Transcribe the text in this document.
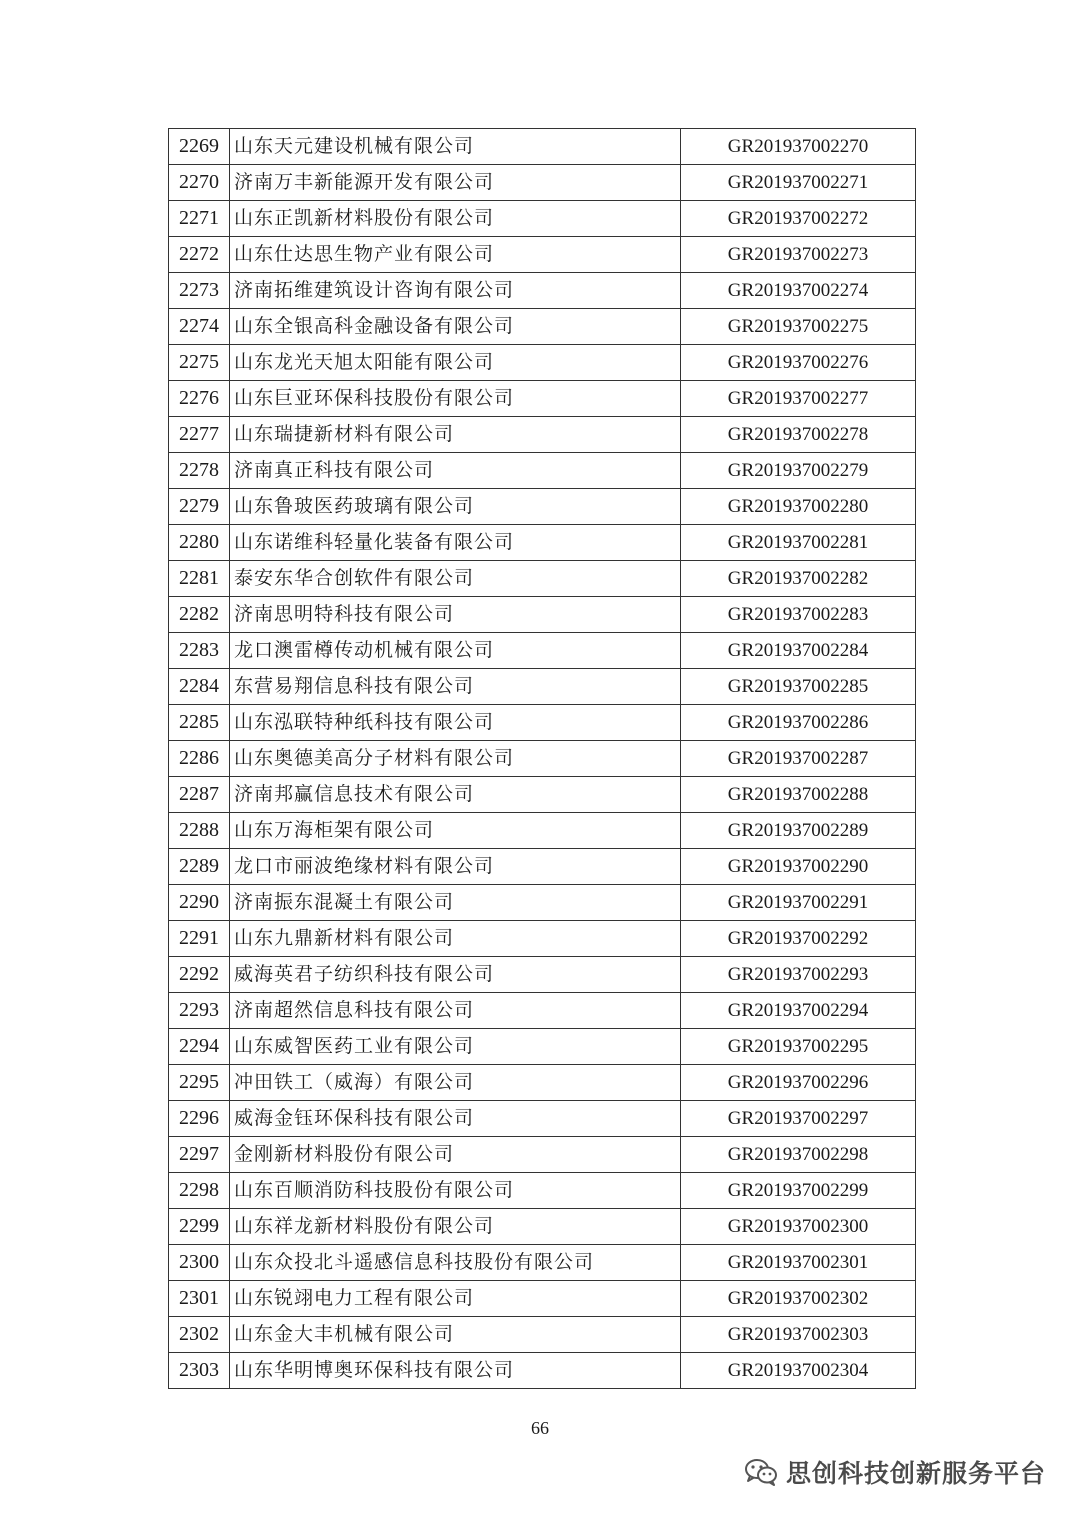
2269	山东天元建设机械有限公司	GR201937002270
2270	济南万丰新能源开发有限公司	GR201937002271
2271	山东正凯新材料股份有限公司	GR201937002272
2272	山东仕达思生物产业有限公司	GR201937002273
2273	济南拓维建筑设计咨询有限公司	GR201937002274
2274	山东全银高科金融设备有限公司	GR201937002275
2275	山东龙光天旭太阳能有限公司	GR201937002276
2276	山东巨亚环保科技股份有限公司	GR201937002277
2277	山东瑞捷新材料有限公司	GR201937002278
2278	济南真正科技有限公司	GR201937002279
2279	山东鲁玻医药玻璃有限公司	GR201937002280
2280	山东诺维科轻量化装备有限公司	GR201937002281
2281	泰安东华合创软件有限公司	GR201937002282
2282	济南思明特科技有限公司	GR201937002283
2283	龙口澳雷樽传动机械有限公司	GR201937002284
2284	东营易翔信息科技有限公司	GR201937002285
2285	山东泓联特种纸科技有限公司	GR201937002286
2286	山东奥德美高分子材料有限公司	GR201937002287
2287	济南邦赢信息技术有限公司	GR201937002288
2288	山东万海柜架有限公司	GR201937002289
2289	龙口市丽波绝缘材料有限公司	GR201937002290
2290	济南振东混凝土有限公司	GR201937002291
2291	山东九鼎新材料有限公司	GR201937002292
2292	威海英君子纺织科技有限公司	GR201937002293
2293	济南超然信息科技有限公司	GR201937002294
2294	山东威智医药工业有限公司	GR201937002295
2295	冲田铁工（威海）有限公司	GR201937002296
2296	威海金钰环保科技有限公司	GR201937002297
2297	金刚新材料股份有限公司	GR201937002298
2298	山东百顺消防科技股份有限公司	GR201937002299
2299	山东祥龙新材料股份有限公司	GR201937002300
2300	山东众投北斗遥感信息科技股份有限公司	GR201937002301
2301	山东锐翊电力工程有限公司	GR201937002302
2302	山东金大丰机械有限公司	GR201937002303
2303	山东华明博奥环保科技有限公司	GR201937002304
66
思创科技创新服务平台
